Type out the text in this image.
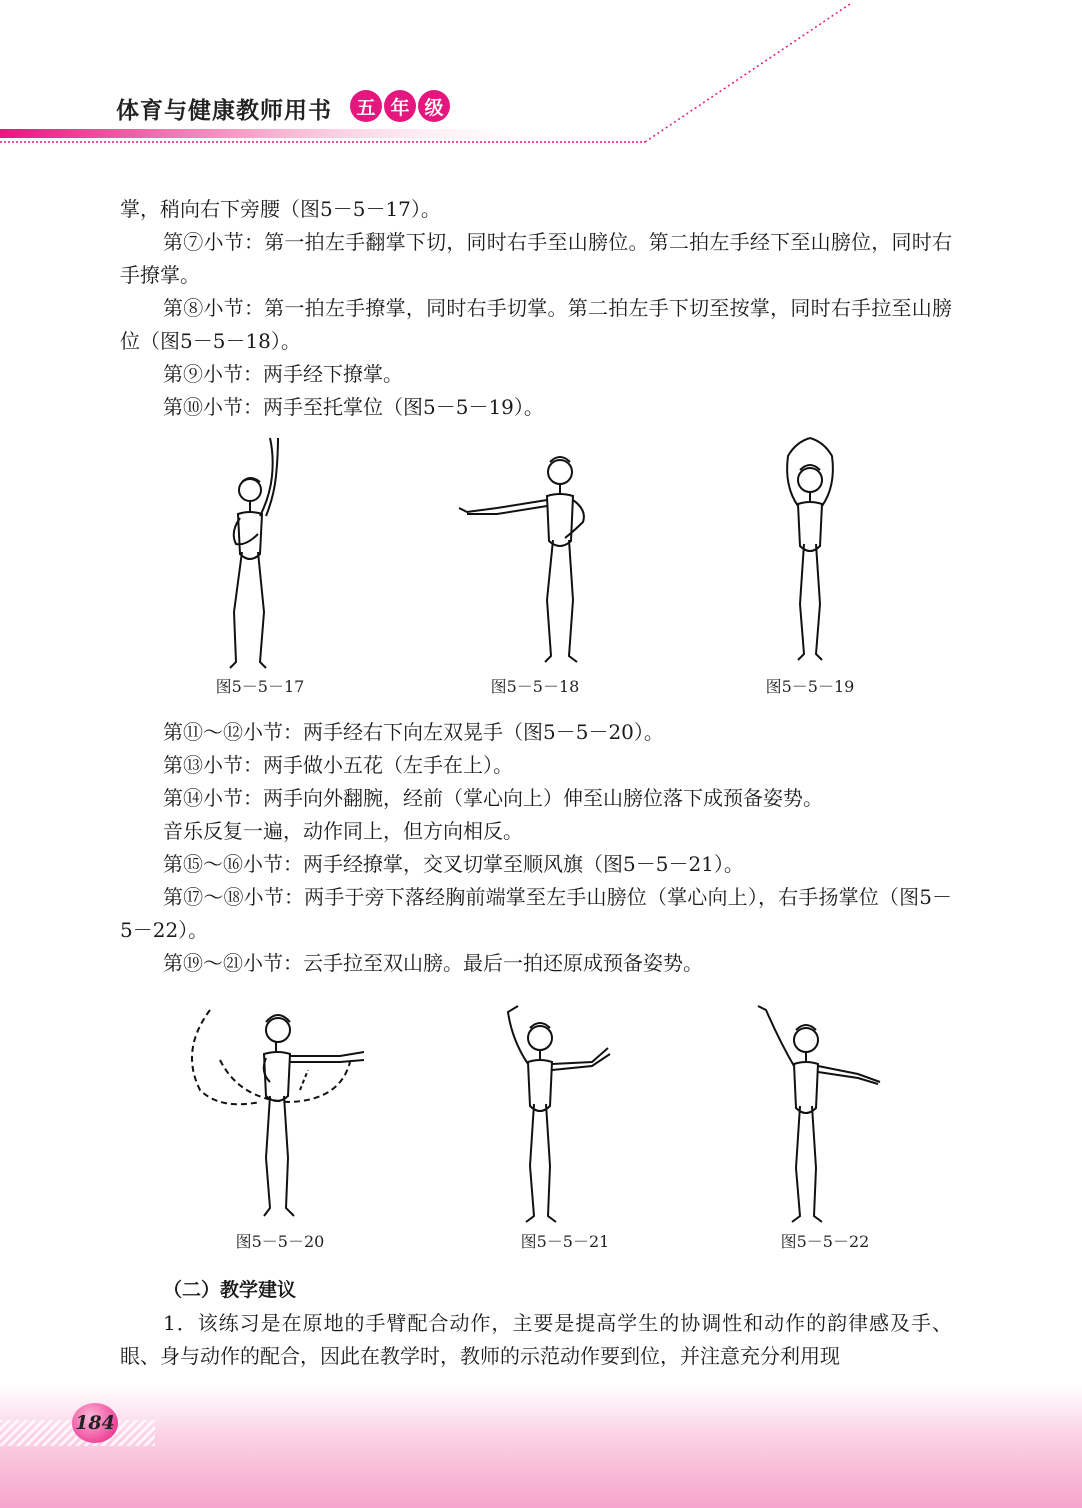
体育与健康教师用书	五 年 级

掌，稍向右下旁腰（图5－5－17）。

第⑦小节：第一拍左手翻掌下切，同时右手至山膀位。第二拍左手经下至山膀位，同时右手撩掌。

第⑧小节：第一拍左手撩掌，同时右手切掌。第二拍左手下切至按掌，同时右手拉至山膀位（图5－5－18）。

第⑨小节：两手经下撩掌。

第⑩小节：两手至托掌位（图5－5－19）。

图5－5－17	图5－5－18	图5－5－19

第⑪～⑫小节：两手经右下向左双晃手（图5－5－20）。

第⑬小节：两手做小五花（左手在上）。

第⑭小节：两手向外翻腕，经前（掌心向上）伸至山膀位落下成预备姿势。

音乐反复一遍，动作同上，但方向相反。

第⑮～⑯小节：两手经撩掌，交叉切掌至顺风旗（图5－5－21）。

第⑰～⑱小节：两手于旁下落经胸前端掌至左手山膀位（掌心向上），右手扬掌位（图5－5－22）。

第⑲～㉑小节：云手拉至双山膀。最后一拍还原成预备姿势。

图5－5－20	图5－5－21	图5－5－22

（二）教学建议

1．该练习是在原地的手臂配合动作，主要是提高学生的协调性和动作的韵律感及手、眼、身与动作的配合，因此在教学时，教师的示范动作要到位，并注意充分利用现

184
